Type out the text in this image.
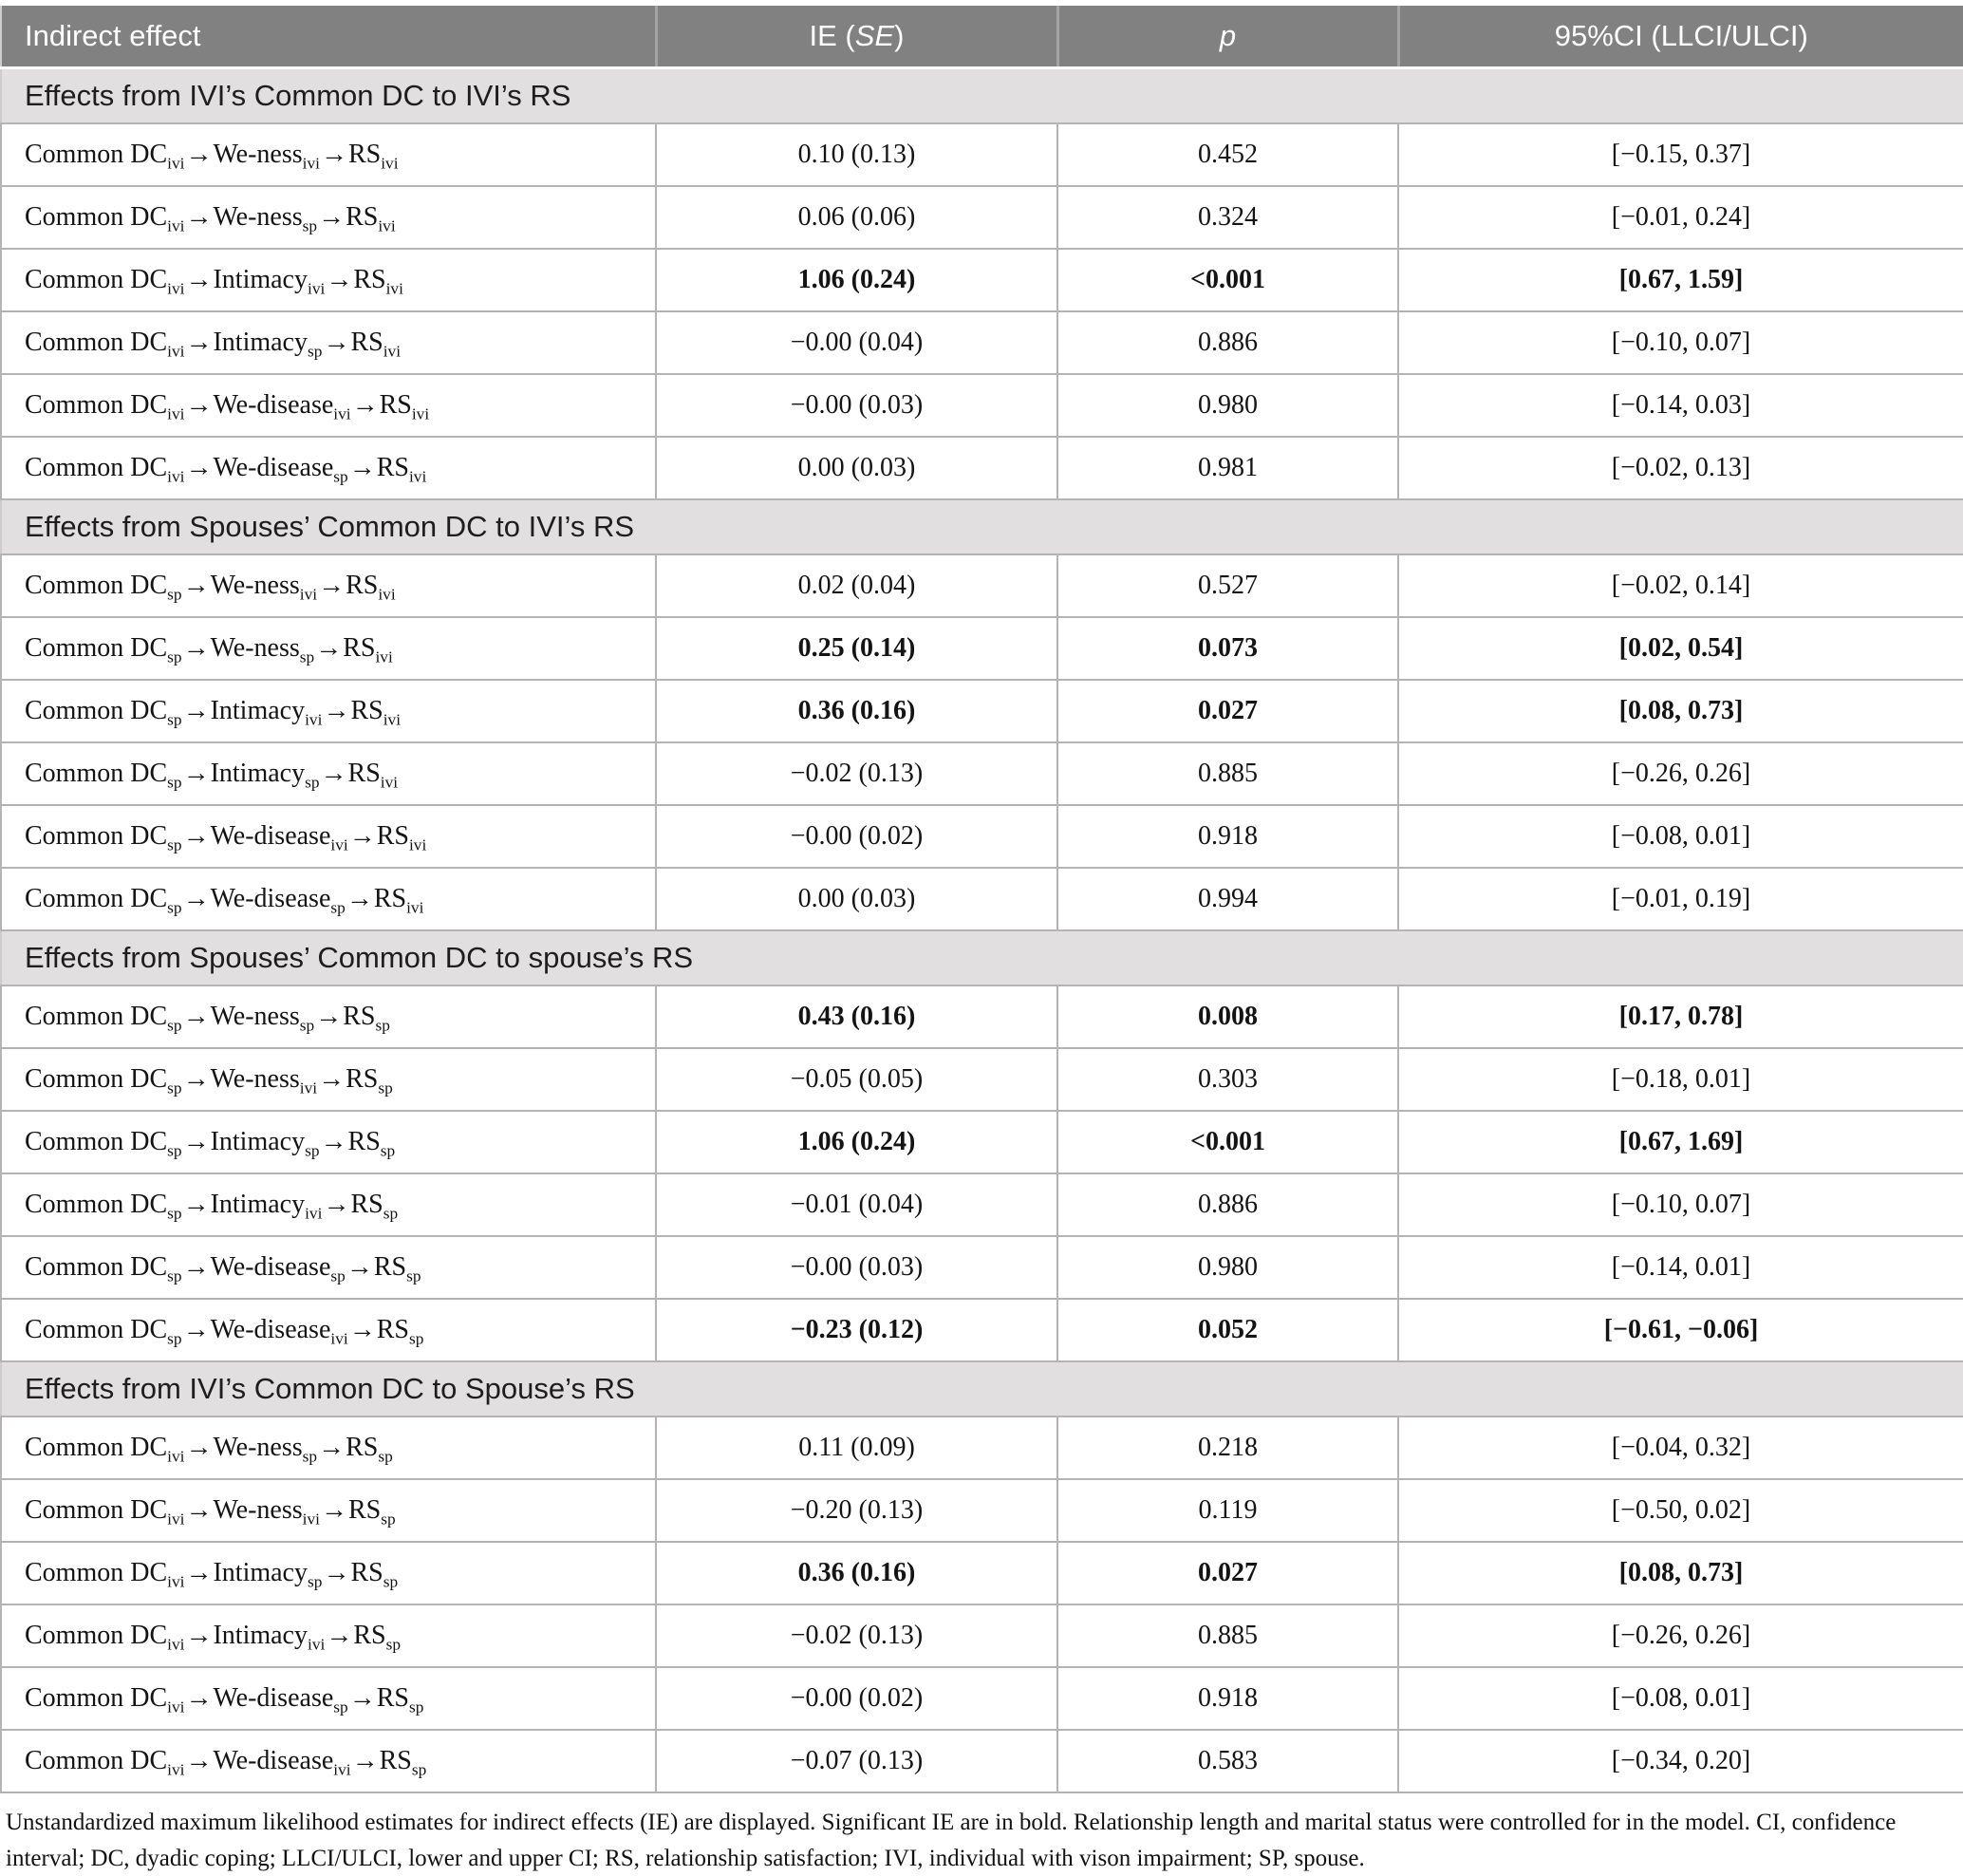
Indirect effect	IE (SE)	p	95%CI (LLCI/ULCI)
Effects from IVI’s Common DC to IVI’s RS			
Common $DC_{ivi}\to We-ness_{ivi}\to RS_{ivi}$	0.10 (0.13)	0.452	[−0.15, 0.37]
Common $DC_{ivi}\to We-ness_{sp}\to RS_{ivi}$	0.06 (0.06)	0.324	[−0.01, 0.24]
Common $DC_{ivi}\to Intimacy_{ivi}\to RS_{ivi}$	1.06 (0.24)	<0.001	[0.67, 1.59]
Common $DC_{ivi}\to Intimacy_{sp}\to RS_{ivi}$	−0.00 (0.04)	0.886	[−0.10, 0.07]
Common $DC_{ivi}\to We-disease_{ivi}\to RS_{ivi}$	−0.00 (0.03)	0.980	[−0.14, 0.03]
Common $DC_{ivi}\to We-disease_{sp}\to RS_{ivi}$	0.00 (0.03)	0.981	[−0.02, 0.13]
Effects from Spouses’ Common DC to IVI’s RS			
Common $DC_{sp}\to We-ness_{ivi}\to RS_{ivi}$	0.02 (0.04)	0.527	[−0.02, 0.14]
Common $DC_{sp}\to We-ness_{sp}\to RS_{ivi}$	0.25 (0.14)	0.073	[0.02, 0.54]
Common $DC_{sp}\to Intimacy_{ivi}\to RS_{ivi}$	0.36 (0.16)	0.027	[0.08, 0.73]
Common $DC_{sp}\to Intimacy_{sp}\to RS_{ivi}$	−0.02 (0.13)	0.885	[−0.26, 0.26]
Common $DC_{sp}\to We-disease_{ivi}\to RS_{ivi}$	−0.00 (0.02)	0.918	[−0.08, 0.01]
Common $DC_{sp}\to We-disease_{sp}\to RS_{ivi}$	0.00 (0.03)	0.994	[−0.01, 0.19]
Effects from Spouses’ Common DC to spouse’s RS			
Common $DC_{sp}\to We-ness_{sp}\to RS_{sp}$	0.43 (0.16)	0.008	[0.17, 0.78]
Common $DC_{sp}\to We-ness_{ivi}\to RS_{sp}$	−0.05 (0.05)	0.303	[−0.18, 0.01]
Common $DC_{sp}\to Intimacy_{sp}\to RS_{sp}$	1.06 (0.24)	<0.001	[0.67, 1.69]
Common $DC_{sp}\to Intimacy_{ivi}\to RS_{sp}$	−0.01 (0.04)	0.886	[−0.10, 0.07]
Common $DC_{sp}\to We-disease_{sp}\to RS_{sp}$	−0.00 (0.03)	0.980	[−0.14, 0.01]
Common $DC_{sp}\to We-disease_{ivi}\to RS_{sp}$	−0.23 (0.12)	0.052	[−0.61, −0.06]
Effects from IVI’s Common DC to Spouse’s RS			
Common $DC_{ivi}\to We-ness_{sp}\to RS_{sp}$	0.11 (0.09)	0.218	[−0.04, 0.32]
Common $DC_{ivi}\to We-ness_{ivi}\to RS_{sp}$	−0.20 (0.13)	0.119	[−0.50, 0.02]
Common $DC_{ivi}\to Intimacy_{sp}\to RS_{sp}$	0.36 (0.16)	0.027	[0.08, 0.73]
Common $DC_{ivi}\to Intimacy_{ivi}\to RS_{sp}$	−0.02 (0.13)	0.885	[−0.26, 0.26]
Common $DC_{ivi}\to We-disease_{sp}\to RS_{sp}$	−0.00 (0.02)	0.918	[−0.08, 0.01]
Common $DC_{ivi}\to We-disease_{ivi}\to RS_{sp}$	−0.07 (0.13)	0.583	[−0.34, 0.20]
Unstandardized maximum likelihood estimates for indirect effects (IE) are displayed. Significant IE are in bold. Relationship length and marital status were controlled for in the model. CI, confidence interval; DC, dyadic coping; LLCI/ULCI, lower and upper CI; RS, relationship satisfaction; IVI, individual with vison impairment; SP, spouse.
